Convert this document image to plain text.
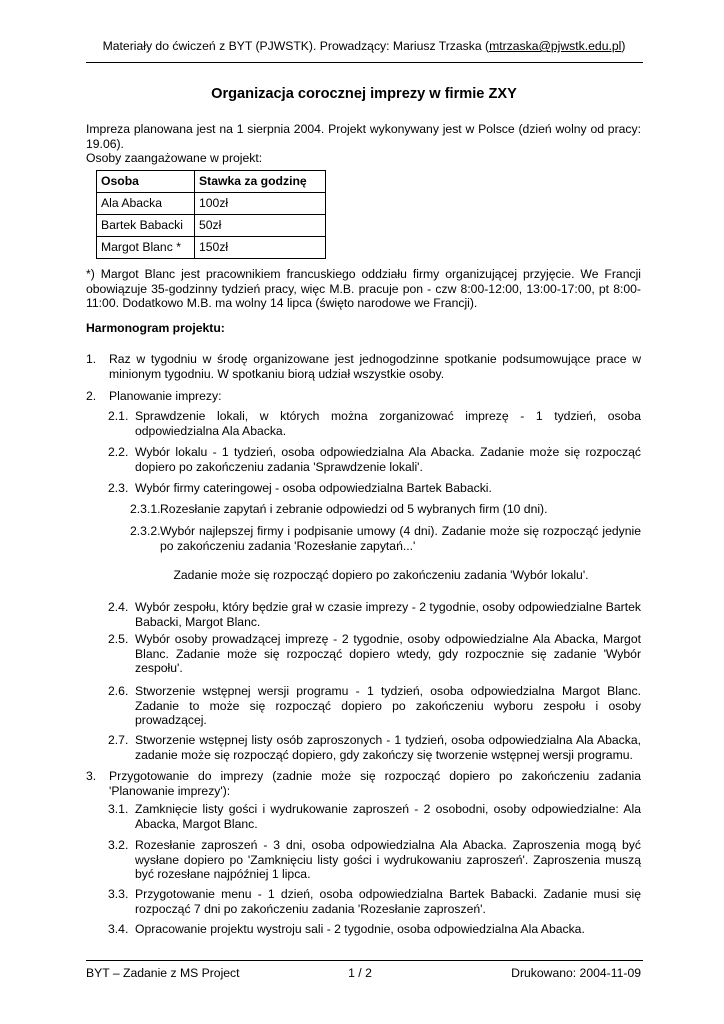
Materiały do ćwiczeń z BYT (PJWSTK). Prowadzący: Mariusz Trzaska (mtrzaska@pjwstk.edu.pl)
Organizacja corocznej imprezy w firmie ZXY
Impreza planowana jest na 1 sierpnia 2004. Projekt wykonywany jest w Polsce (dzień wolny od pracy: 19.06).
Osoby zaangażowane w projekt:
Osoba	Stawka za godzinę
Ala Abacka	100zł
Bartek Babacki	50zł
Margot Blanc *	150zł
*) Margot Blanc jest pracownikiem francuskiego oddziału firmy organizującej przyjęcie. We Francji obowiązuje 35-godzinny tydzień pracy, więc M.B. pracuje pon - czw 8:00-12:00, 13:00-17:00, pt 8:00-11:00. Dodatkowo M.B. ma wolny 14 lipca (święto narodowe we Francji).
Harmonogram projektu:
1. Raz w tygodniu w środę organizowane jest jednogodzinne spotkanie podsumowujące prace w minionym tygodniu. W spotkaniu biorą udział wszystkie osoby.
2. Planowanie imprezy:
2.1. Sprawdzenie lokali, w których można zorganizować imprezę - 1 tydzień, osoba odpowiedzialna Ala Abacka.
2.2. Wybór lokalu - 1 tydzień, osoba odpowiedzialna Ala Abacka. Zadanie może się rozpocząć dopiero po zakończeniu zadania 'Sprawdzenie lokali'.
2.3. Wybór firmy cateringowej - osoba odpowiedzialna Bartek Babacki.
2.3.1. Rozesłanie zapytań i zebranie odpowiedzi od 5 wybranych firm (10 dni).
2.3.2. Wybór najlepszej firmy i podpisanie umowy (4 dni). Zadanie może się rozpocząć jedynie po zakończeniu zadania 'Rozesłanie zapytań...'
Zadanie może się rozpocząć dopiero po zakończeniu zadania 'Wybór lokalu'.
2.4. Wybór zespołu, który będzie grał w czasie imprezy - 2 tygodnie, osoby odpowiedzialne Bartek Babacki, Margot Blanc.
2.5. Wybór osoby prowadzącej imprezę - 2 tygodnie, osoby odpowiedzialne Ala Abacka, Margot Blanc. Zadanie może się rozpocząć dopiero wtedy, gdy rozpocznie się zadanie 'Wybór zespołu'.
2.6. Stworzenie wstępnej wersji programu - 1 tydzień, osoba odpowiedzialna Margot Blanc. Zadanie to może się rozpocząć dopiero po zakończeniu wyboru zespołu i osoby prowadzącej.
2.7. Stworzenie wstępnej listy osób zaproszonych - 1 tydzień, osoba odpowiedzialna Ala Abacka, zadanie może się rozpocząć dopiero, gdy zakończy się tworzenie wstępnej wersji programu.
3. Przygotowanie do imprezy (zadnie może się rozpocząć dopiero po zakończeniu zadania 'Planowanie imprezy'):
3.1. Zamknięcie listy gości i wydrukowanie zaproszeń - 2 osobodni, osoby odpowiedzialne: Ala Abacka, Margot Blanc.
3.2. Rozesłanie zaproszeń - 3 dni, osoba odpowiedzialna Ala Abacka. Zaproszenia mogą być wysłane dopiero po 'Zamknięciu listy gości i wydrukowaniu zaproszeń'. Zaproszenia muszą być rozesłane najpóźniej 1 lipca.
3.3. Przygotowanie menu - 1 dzień, osoba odpowiedzialna Bartek Babacki. Zadanie musi się rozpocząć 7 dni po zakończeniu zadania 'Rozesłanie zaproszeń'.
3.4. Opracowanie projektu wystroju sali - 2 tygodnie, osoba odpowiedzialna Ala Abacka.
BYT – Zadanie z MS Project	1 / 2	Drukowano: 2004-11-09
